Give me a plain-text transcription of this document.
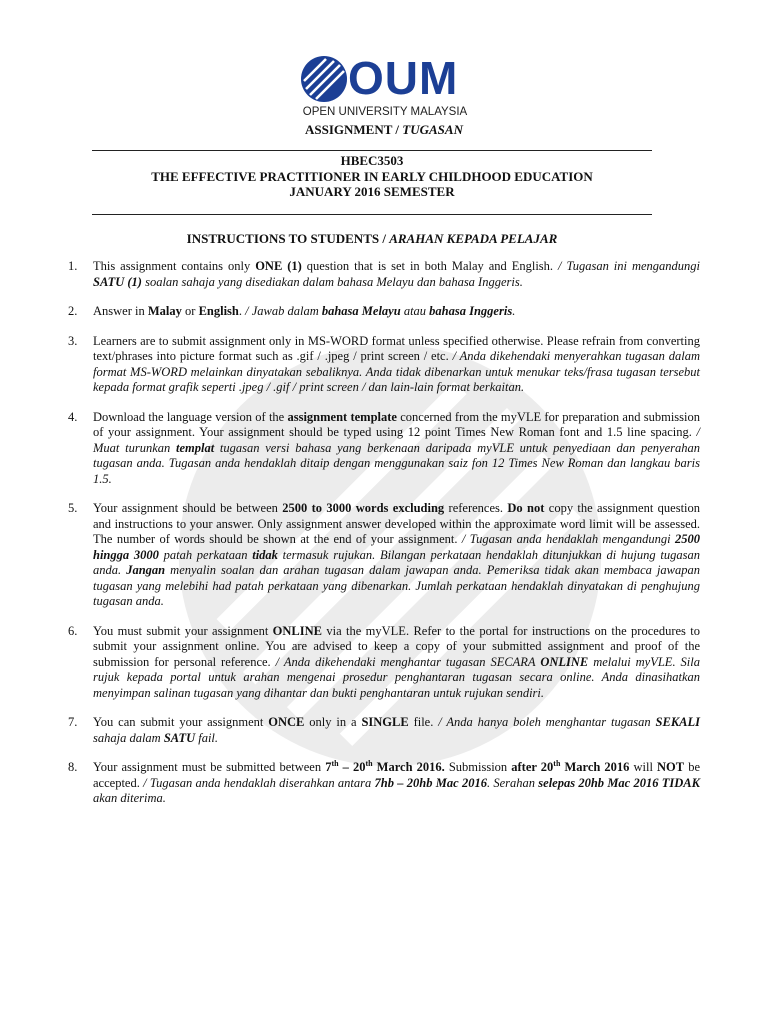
OUM
OPEN UNIVERSITY MALAYSIA
ASSIGNMENT / TUGASAN
HBEC3503
THE EFFECTIVE PRACTITIONER IN EARLY CHILDHOOD EDUCATION
JANUARY 2016 SEMESTER
INSTRUCTIONS TO STUDENTS / ARAHAN KEPADA PELAJAR
1.	This assignment contains only ONE (1) question that is set in both Malay and English. / Tugasan ini mengandungi SATU (1) soalan sahaja yang disediakan dalam bahasa Melayu dan bahasa Inggeris.
2.	Answer in Malay or English. / Jawab dalam bahasa Melayu atau bahasa Inggeris.
3.	Learners are to submit assignment only in MS-WORD format unless specified otherwise. Please refrain from converting text/phrases into picture format such as .gif / .jpeg / print screen / etc. / Anda dikehendaki menyerahkan tugasan dalam format MS-WORD melainkan dinyatakan sebaliknya. Anda tidak dibenarkan untuk menukar teks/frasa tugasan tersebut kepada format grafik seperti .jpeg / .gif / print screen / dan lain-lain format berkaitan.
4.	Download the language version of the assignment template concerned from the myVLE for preparation and submission of your assignment. Your assignment should be typed using 12 point Times New Roman font and 1.5 line spacing. / Muat turunkan templat tugasan versi bahasa yang berkenaan daripada myVLE untuk penyediaan dan penyerahan tugasan anda. Tugasan anda hendaklah ditaip dengan menggunakan saiz fon 12 Times New Roman dan langkau baris 1.5.
5.	Your assignment should be between 2500 to 3000 words excluding references. Do not copy the assignment question and instructions to your answer. Only assignment answer developed within the approximate word limit will be assessed. The number of words should be shown at the end of your assignment. / Tugasan anda hendaklah mengandungi 2500 hingga 3000 patah perkataan tidak termasuk rujukan. Bilangan perkataan hendaklah ditunjukkan di hujung tugasan anda. Jangan menyalin soalan dan arahan tugasan dalam jawapan anda. Pemeriksa tidak akan membaca jawapan tugasan yang melebihi had patah perkataan yang dibenarkan. Jumlah perkataan hendaklah dinyatakan di penghujung tugasan anda.
6.	You must submit your assignment ONLINE via the myVLE. Refer to the portal for instructions on the procedures to submit your assignment online. You are advised to keep a copy of your submitted assignment and proof of the submission for personal reference. / Anda dikehendaki menghantar tugasan SECARA ONLINE melalui myVLE. Sila rujuk kepada portal untuk arahan mengenai prosedur penghantaran tugasan secara online. Anda dinasihatkan menyimpan salinan tugasan yang dihantar dan bukti penghantaran untuk rujukan sendiri.
7.	You can submit your assignment ONCE only in a SINGLE file. / Anda hanya boleh menghantar tugasan SEKALI sahaja dalam SATU fail.
8.	Your assignment must be submitted between 7th – 20th March 2016. Submission after 20th March 2016 will NOT be accepted. / Tugasan anda hendaklah diserahkan antara 7hb – 20hb Mac 2016. Serahan selepas 20hb Mac 2016 TIDAK akan diterima.
